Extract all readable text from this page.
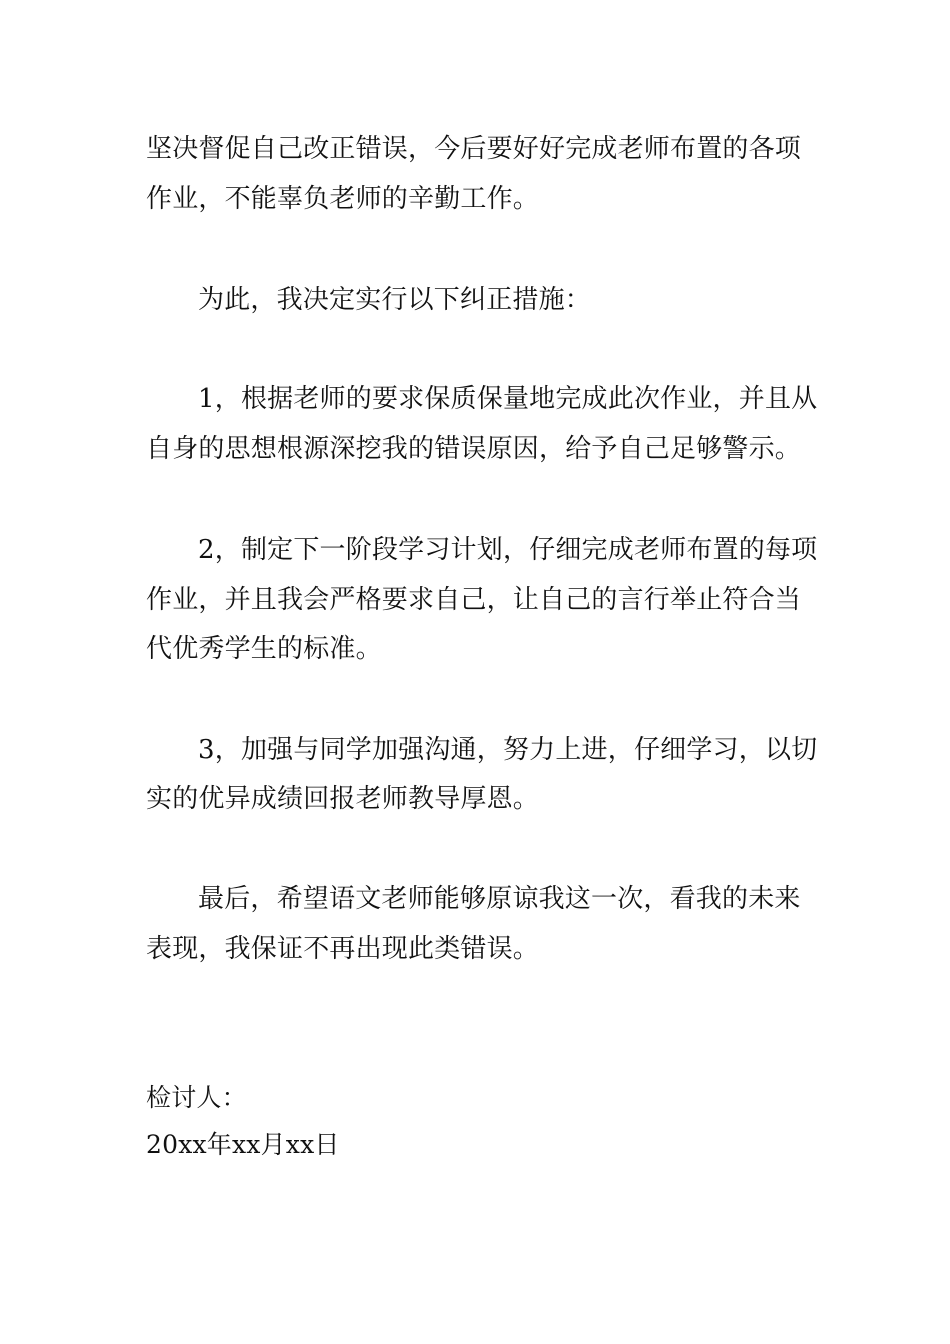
坚决督促自己改正错误，今后要好好完成老师布置的各项

作业，不能辜负老师的辛勤工作。

为此，我决定实行以下纠正措施：

1，根据老师的要求保质保量地完成此次作业，并且从

自身的思想根源深挖我的错误原因，给予自己足够警示。

2，制定下一阶段学习计划，仔细完成老师布置的每项

作业，并且我会严格要求自己，让自己的言行举止符合当

代优秀学生的标准。

3，加强与同学加强沟通，努力上进，仔细学习，以切

实的优异成绩回报老师教导厚恩。

最后，希望语文老师能够原谅我这一次，看我的未来

表现，我保证不再出现此类错误。

检讨人：

20xx年xx月xx日
